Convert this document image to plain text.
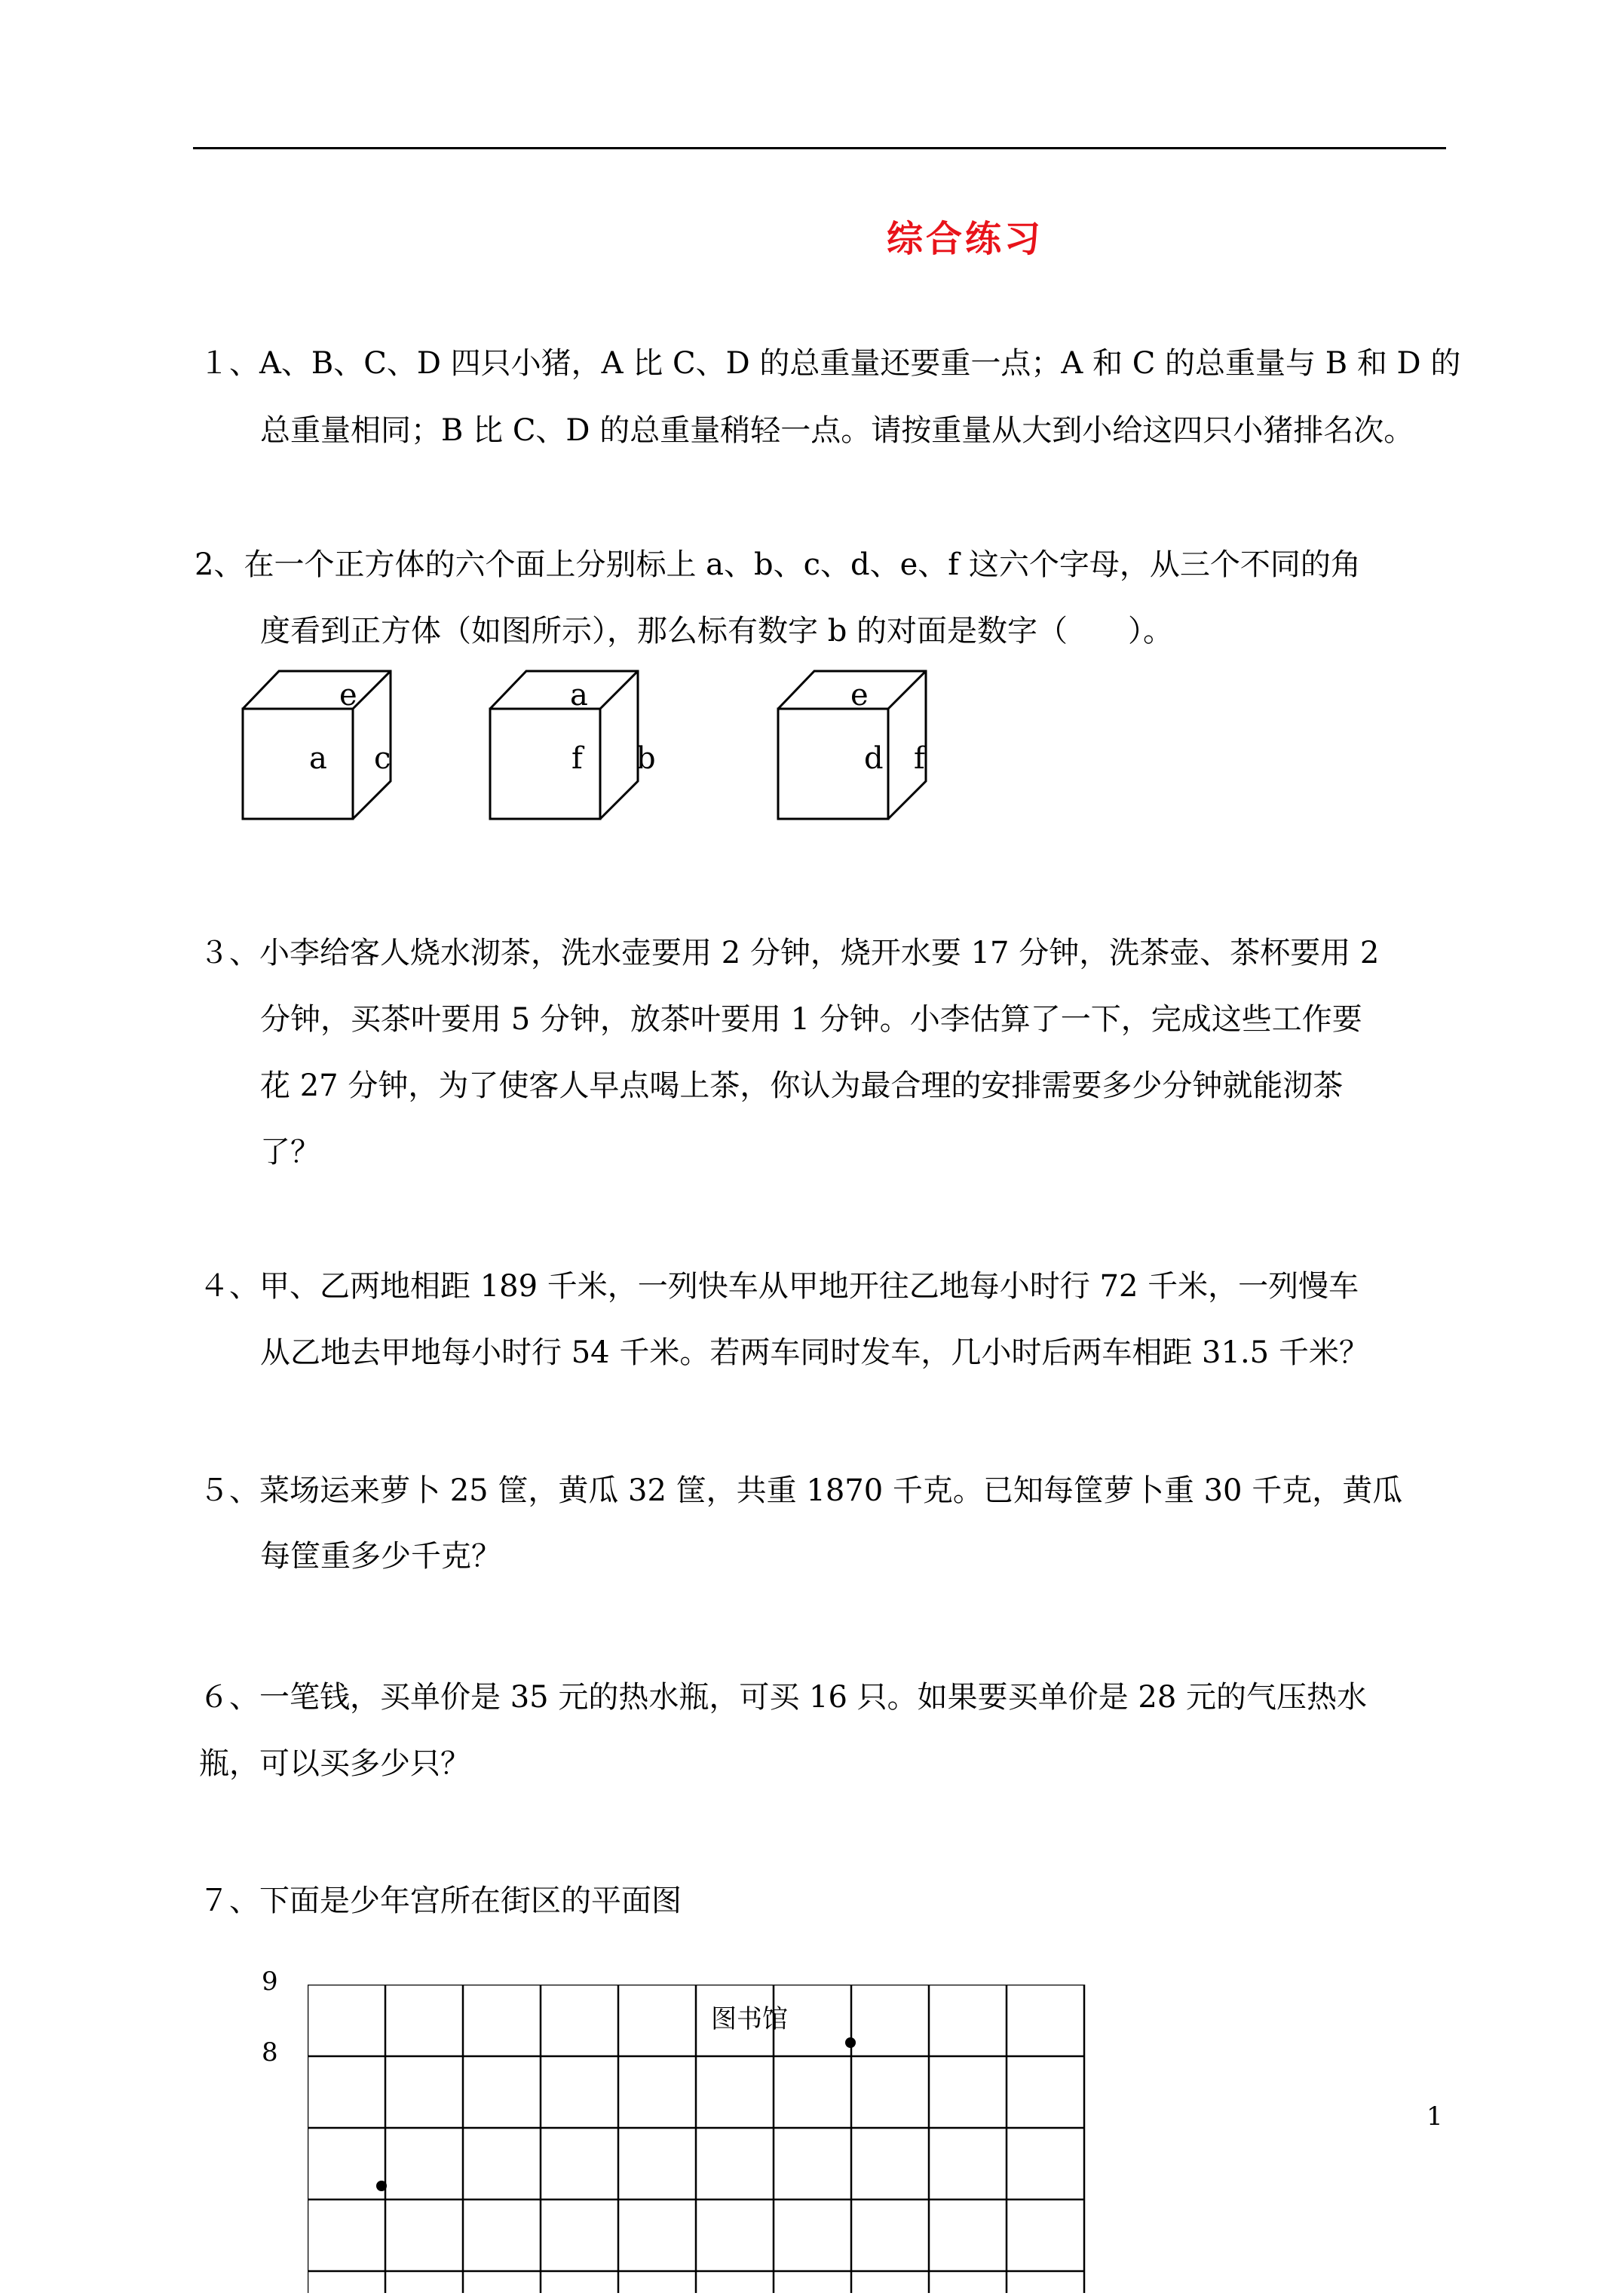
综合练习
１、A、B、C、D 四只小猪，A 比 C、D 的总重量还要重一点；A 和 C 的总重量与 B 和 D 的
总重量相同；B 比 C、D 的总重量稍轻一点。请按重量从大到小给这四只小猪排名次。
2、在一个正方体的六个面上分别标上 a、b、c、d、e、f 这六个字母，从三个不同的角
度看到正方体（如图所示），那么标有数字 b 的对面是数字（　　）。
e
a c
a
f b
e
d f
３、小李给客人烧水沏茶，洗水壶要用 2 分钟，烧开水要 17 分钟，洗茶壶、茶杯要用 2
分钟，买茶叶要用 5 分钟，放茶叶要用 1 分钟。小李估算了一下，完成这些工作要
花 27 分钟，为了使客人早点喝上茶，你认为最合理的安排需要多少分钟就能沏茶
了？
４、甲、乙两地相距 189 千米，一列快车从甲地开往乙地每小时行 72 千米，一列慢车
从乙地去甲地每小时行 54 千米。若两车同时发车，几小时后两车相距 31.5 千米？
５、菜场运来萝卜 25 筐，黄瓜 32 筐，共重 1870 千克。已知每筐萝卜重 30 千克，黄瓜
每筐重多少千克？
６、一笔钱，买单价是 35 元的热水瓶，可买 16 只。如果要买单价是 28 元的气压热水
瓶，可以买多少只？
７、下面是少年宫所在街区的平面图
9
8
图书馆
1
